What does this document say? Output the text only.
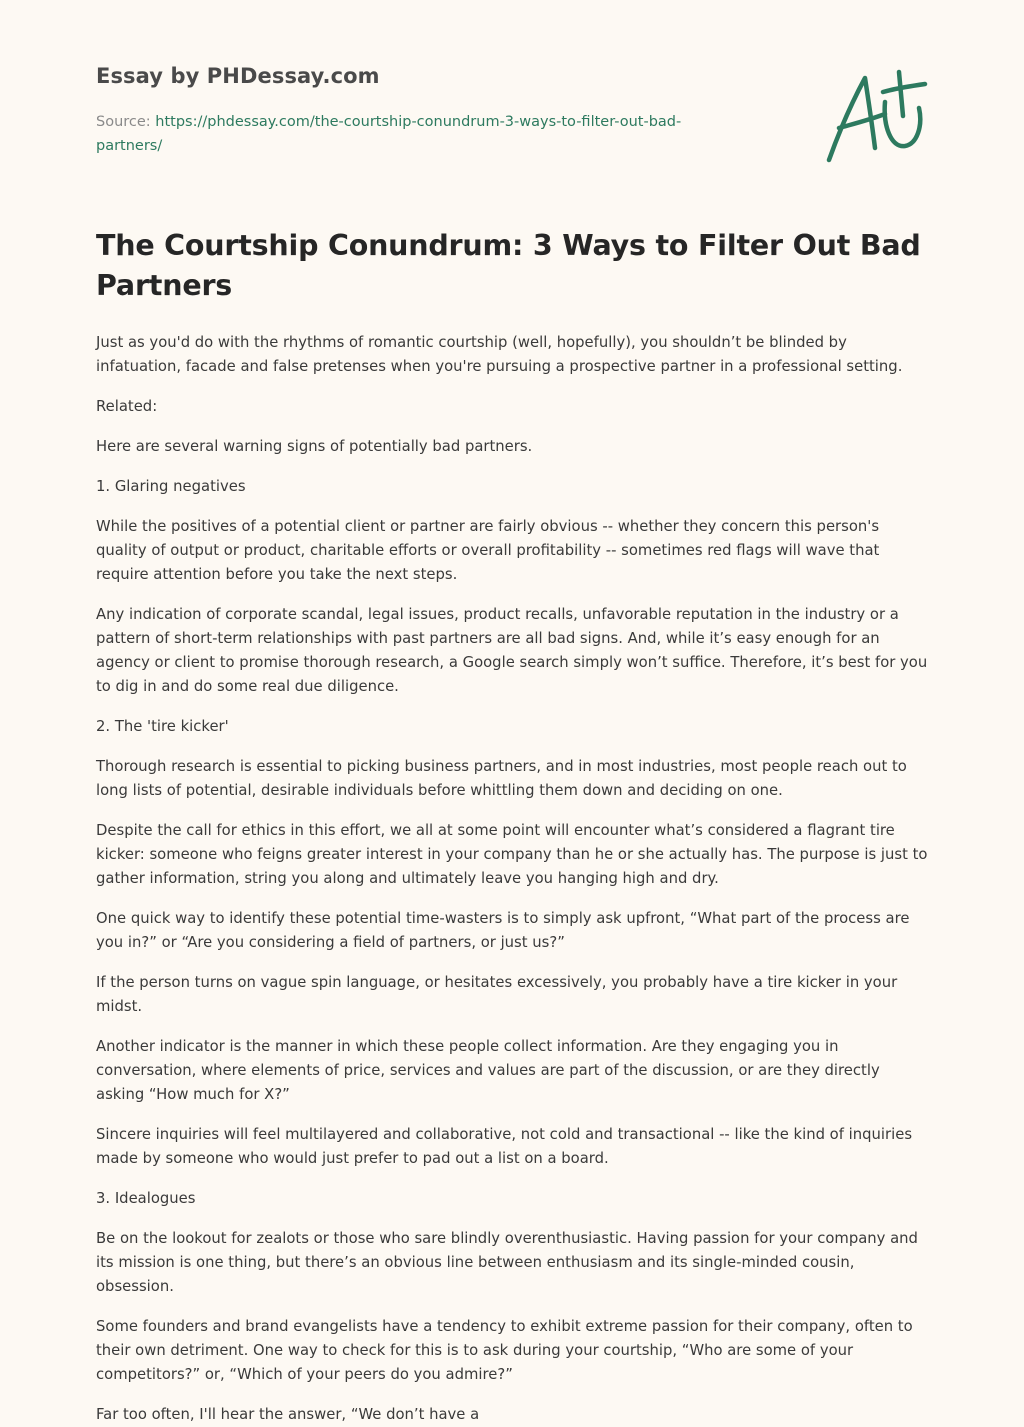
Essay by PHDessay.com
Source: https://phdessay.com/the-courtship-conundrum-3-ways-to-filter-out-bad-partners/
The Courtship Conundrum: 3 Ways to Filter Out Bad Partners

Just as you'd do with the rhythms of romantic courtship (well, hopefully), you shouldn’t be blinded by infatuation, facade and false pretenses when you're pursuing a prospective partner in a professional setting.

Related:

Here are several warning signs of potentially bad partners.

1. Glaring negatives

While the positives of a potential client or partner are fairly obvious -- whether they concern this person's quality of output or product, charitable efforts or overall profitability -- sometimes red flags will wave that require attention before you take the next steps.

Any indication of corporate scandal, legal issues, product recalls, unfavorable reputation in the industry or a pattern of short-term relationships with past partners are all bad signs. And, while it’s easy enough for an agency or client to promise thorough research, a Google search simply won’t suffice. Therefore, it’s best for you to dig in and do some real due diligence.

2. The 'tire kicker'

Thorough research is essential to picking business partners, and in most industries, most people reach out to long lists of potential, desirable individuals before whittling them down and deciding on one.

Despite the call for ethics in this effort, we all at some point will encounter what’s considered a flagrant tire kicker: someone who feigns greater interest in your company than he or she actually has. The purpose is just to gather information, string you along and ultimately leave you hanging high and dry.

One quick way to identify these potential time-wasters is to simply ask upfront, “What part of the process are you in?” or “Are you considering a field of partners, or just us?”

If the person turns on vague spin language, or hesitates excessively, you probably have a tire kicker in your midst.

Another indicator is the manner in which these people collect information. Are they engaging you in conversation, where elements of price, services and values are part of the discussion, or are they directly asking “How much for X?”

Sincere inquiries will feel multilayered and collaborative, not cold and transactional -- like the kind of inquiries made by someone who would just prefer to pad out a list on a board.

3. Idealogues

Be on the lookout for zealots or those who sare blindly overenthusiastic. Having passion for your company and its mission is one thing, but there’s an obvious line between enthusiasm and its single-minded cousin, obsession.

Some founders and brand evangelists have a tendency to exhibit extreme passion for their company, often to their own detriment. One way to check for this is to ask during your courtship, “Who are some of your competitors?” or, “Which of your peers do you admire?”

Far too often, I'll hear the answer, “We don’t have a
